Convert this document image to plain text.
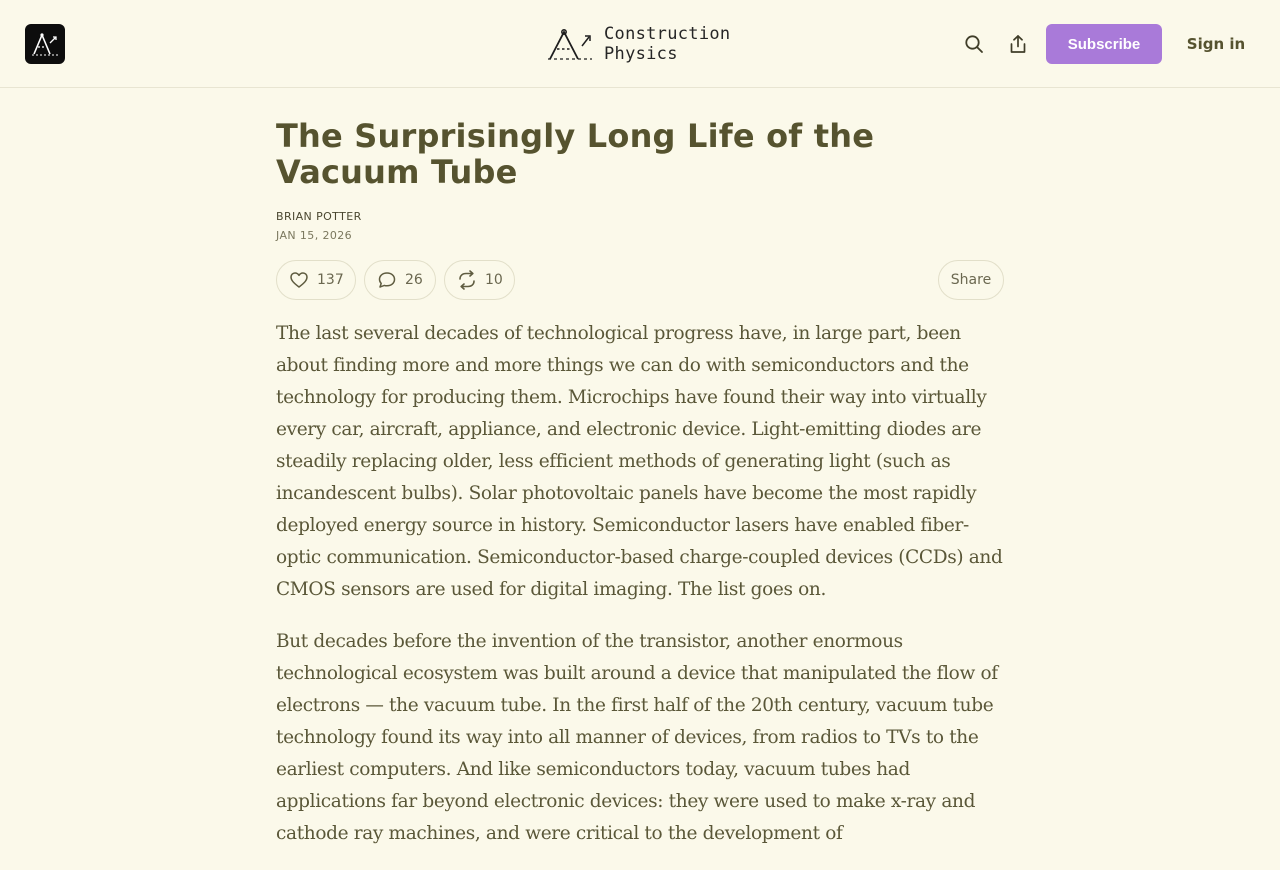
Construction
Physics	Subscribe	Sign in
The Surprisingly Long Life of the Vacuum Tube
BRIAN POTTER
JAN 15, 2026
137	26	10	Share

The last several decades of technological progress have, in large part, been about finding more and more things we can do with semiconductors and the technology for producing them. Microchips have found their way into virtually every car, aircraft, appliance, and electronic device. Light-emitting diodes are steadily replacing older, less efficient methods of generating light (such as incandescent bulbs). Solar photovoltaic panels have become the most rapidly deployed energy source in history. Semiconductor lasers have enabled fiber-optic communication. Semiconductor-based charge-coupled devices (CCDs) and CMOS sensors are used for digital imaging. The list goes on.

But decades before the invention of the transistor, another enormous technological ecosystem was built around a device that manipulated the flow of electrons — the vacuum tube. In the first half of the 20th century, vacuum tube technology found its way into all manner of devices, from radios to TVs to the earliest computers. And like semiconductors today, vacuum tubes had applications far beyond electronic devices: they were used to make x-ray and cathode ray machines, and were critical to the development of
